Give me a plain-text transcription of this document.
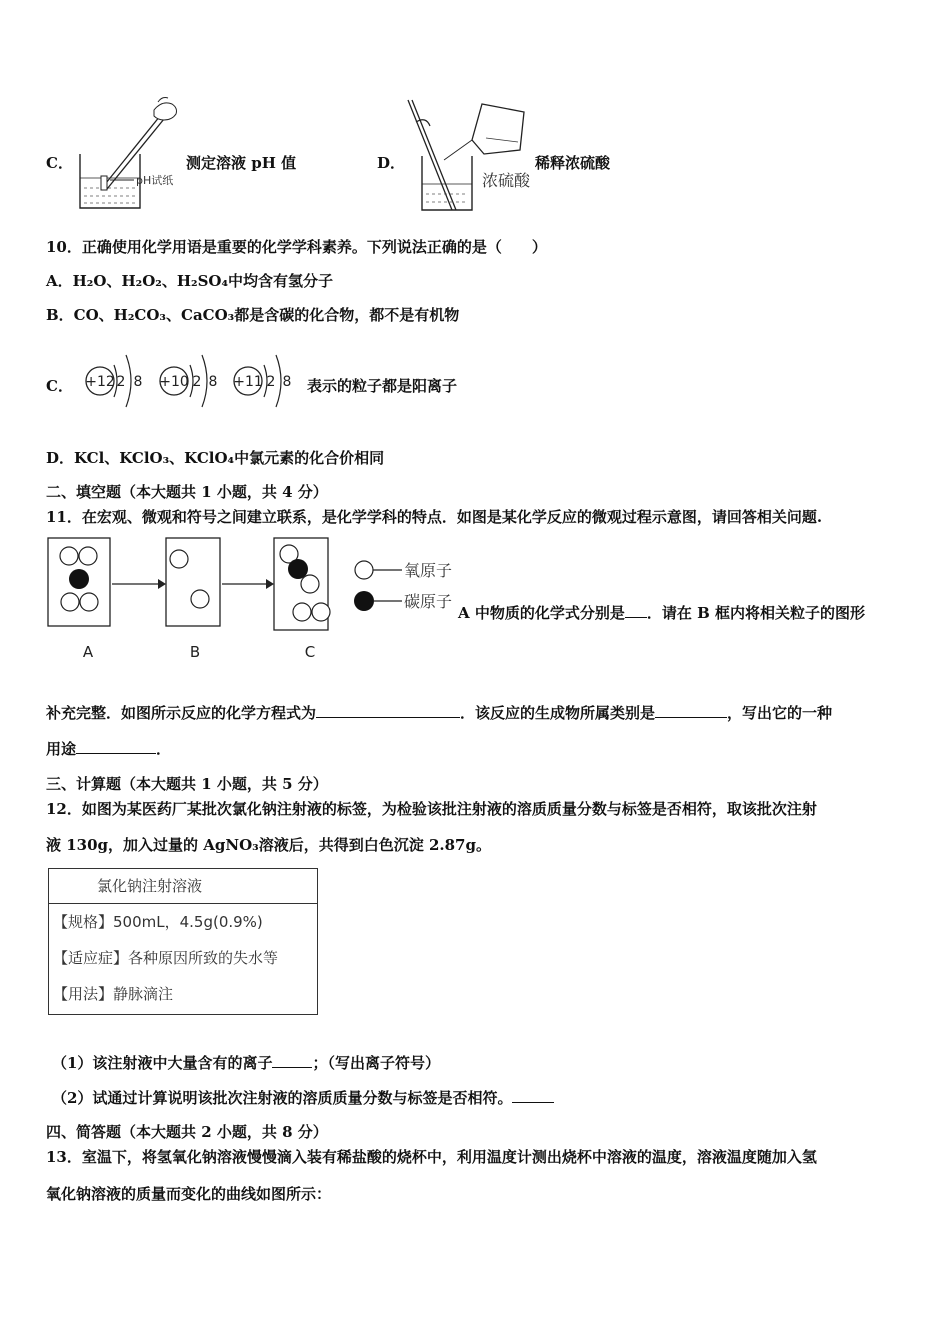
C．
pH试纸
测定溶液 pH 值	D．
浓硫酸
稀释浓硫酸
10．正确使用化学用语是重要的化学学科素养。下列说法正确的是（　　）
A．H₂O、H₂O₂、H₂SO₄中均含有氢分子
B．CO、H₂CO₃、CaCO₃都是含碳的化合物，都不是有机物
C． +12 2 8 +10 2 8 +11 2 8 表示的粒子都是阳离子
D．KCl、KClO₃、KClO₄中氯元素的化合价相同
二、填空题（本大题共 1 小题，共 4 分）
11．在宏观、微观和符号之间建立联系，是化学学科的特点．如图是某化学反应的微观过程示意图，请回答相关问题.
A	B	C
氧原子
碳原子
A 中物质的化学式分别是 ．请在 B 框内将相关粒子的图形
补充完整．如图所示反应的化学方程式为	．该反应的生成物所属类别是	，写出它的一种
用途	．
三、计算题（本大题共 1 小题，共 5 分）
12．如图为某医药厂某批次氯化钠注射液的标签，为检验该批注射液的溶质质量分数与标签是否相符，取该批次注射
液 130g，加入过量的 AgNO₃溶液后，共得到白色沉淀 2.87g。
氯化钠注射溶液
【规格】500mL，4.5g(0.9%)
【适应症】各种原因所致的失水等
【用法】静脉滴注
（1）该注射液中大量含有的离子	；（写出离子符号）
（2）试通过计算说明该批次注射液的溶质质量分数与标签是否相符。
四、简答题（本大题共 2 小题，共 8 分）
13．室温下，将氢氧化钠溶液慢慢滴入装有稀盐酸的烧杯中，利用温度计测出烧杯中溶液的温度，溶液温度随加入氢
氧化钠溶液的质量而变化的曲线如图所示：
